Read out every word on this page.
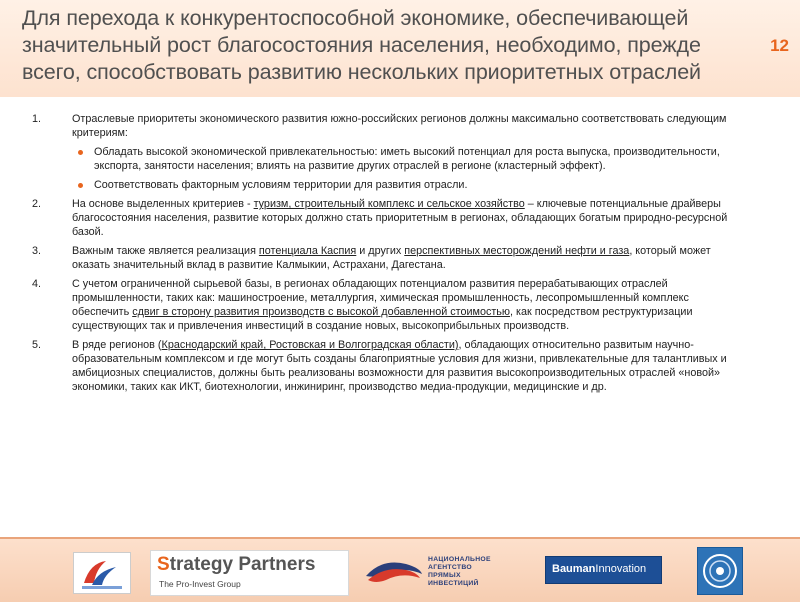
Для перехода к конкурентоспособной экономике, обеспечивающей значительный рост благосостояния населения, необходимо, прежде всего, способствовать развитию нескольких приоритетных отраслей
12
1.	Отраслевые приоритеты экономического развития южно-российских регионов должны максимально соответствовать следующим критериям:
Обладать высокой экономической привлекательностью: иметь высокий потенциал для роста выпуска, производительности, экспорта, занятости населения; влиять на развитие других отраслей в регионе (кластерный эффект).
Соответствовать факторным условиям территории для развития отрасли.
2.	На основе выделенных критериев - туризм, строительный комплекс и сельское хозяйство – ключевые потенциальные драйверы благосостояния населения, развитие которых должно стать приоритетным в регионах, обладающих богатым природно-ресурсной базой.
3.	Важным также является реализация потенциала Каспия и других перспективных месторождений нефти и газа, который может оказать значительный вклад в развитие Калмыкии, Астрахани, Дагестана.
4.	С учетом ограниченной сырьевой базы, в регионах обладающих потенциалом развития перерабатывающих отраслей промышленности, таких как: машиностроение, металлургия, химическая промышленность, лесопромышленный комплекс обеспечить сдвиг в сторону развития производств с высокой добавленной стоимостью, как посредством реструктуризации существующих так и привлечения инвестиций в создание новых, высокоприбыльных производств.
5.	В ряде регионов (Краснодарский край, Ростовская и Волгоградская области), обладающих относительно развитым научно-образовательным комплексом и где могут быть созданы благоприятные условия для жизни, привлекательные для талантливых и амбициозных специалистов, должны быть реализованы возможности для развития высокопроизводительных отраслей «новой» экономики, таких как ИКТ, биотехнологии, инжиниринг, производство медиа-продукции, медицинские и др.
Strategy Partners
The Pro-Invest Group
НАЦИОНАЛЬНОЕ
АГЕНТСТВО
ПРЯМЫХ
ИНВЕСТИЦИЙ
BaumanInnovation
